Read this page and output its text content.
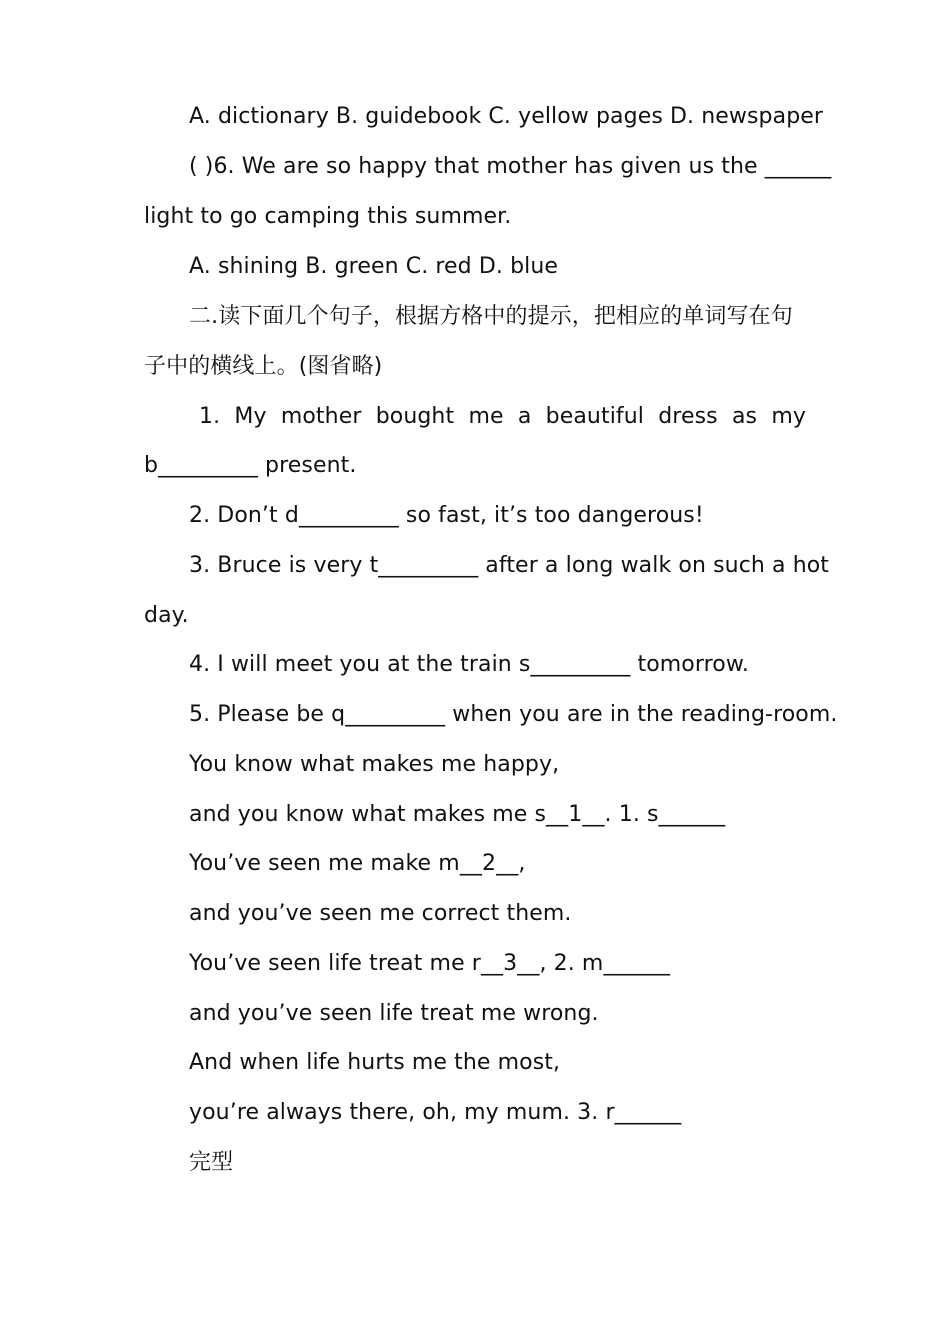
A. dictionary B. guidebook C. yellow pages D. newspaper
( )6. We are so happy that mother has given us the ______
light to go camping this summer.
A. shining B. green C. red D. blue
二.读下面几个句子，根据方格中的提示，把相应的单词写在句
子中的横线上。(图省略)
1. My mother bought me a beautiful dress as my
b_________ present.
2. Don’t d_________ so fast, it’s too dangerous!
3. Bruce is very t_________ after a long walk on such a hot
day.
4. I will meet you at the train s_________ tomorrow.
5. Please be q_________ when you are in the reading-room.
You know what makes me happy,
and you know what makes me s__1__. 1. s______
You’ve seen me make m__2__,
and you’ve seen me correct them.
You’ve seen life treat me r__3__, 2. m______
and you’ve seen life treat me wrong.
And when life hurts me the most,
you’re always there, oh, my mum. 3. r______
完型
